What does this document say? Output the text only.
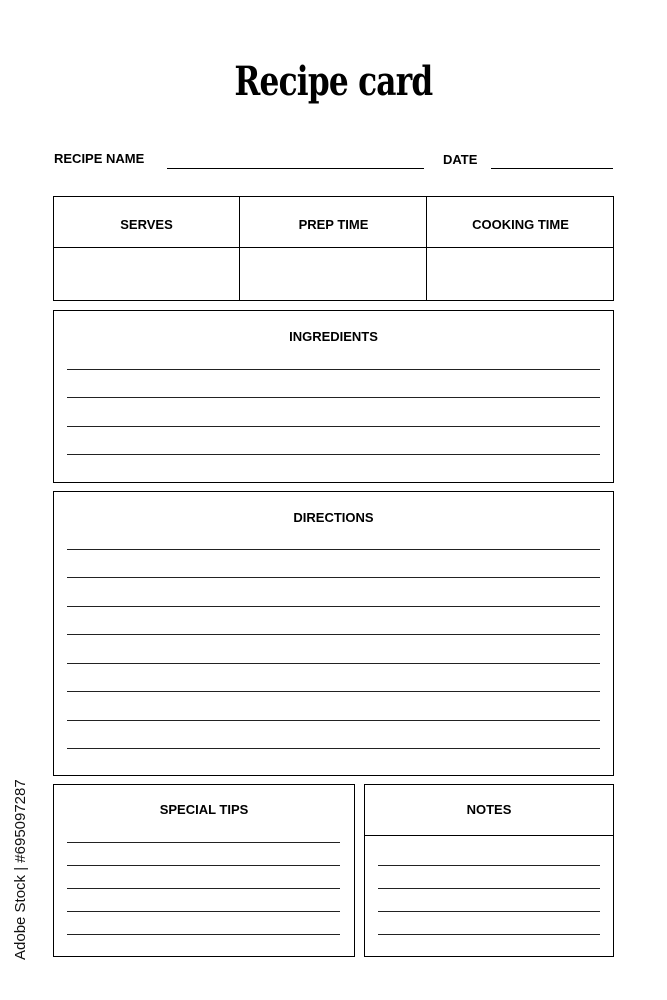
Recipe card
RECIPE NAME	DATE
SERVES	PREP TIME	COOKING TIME
INGREDIENTS
DIRECTIONS
SPECIAL TIPS	NOTES
Adobe Stock | #695097287
